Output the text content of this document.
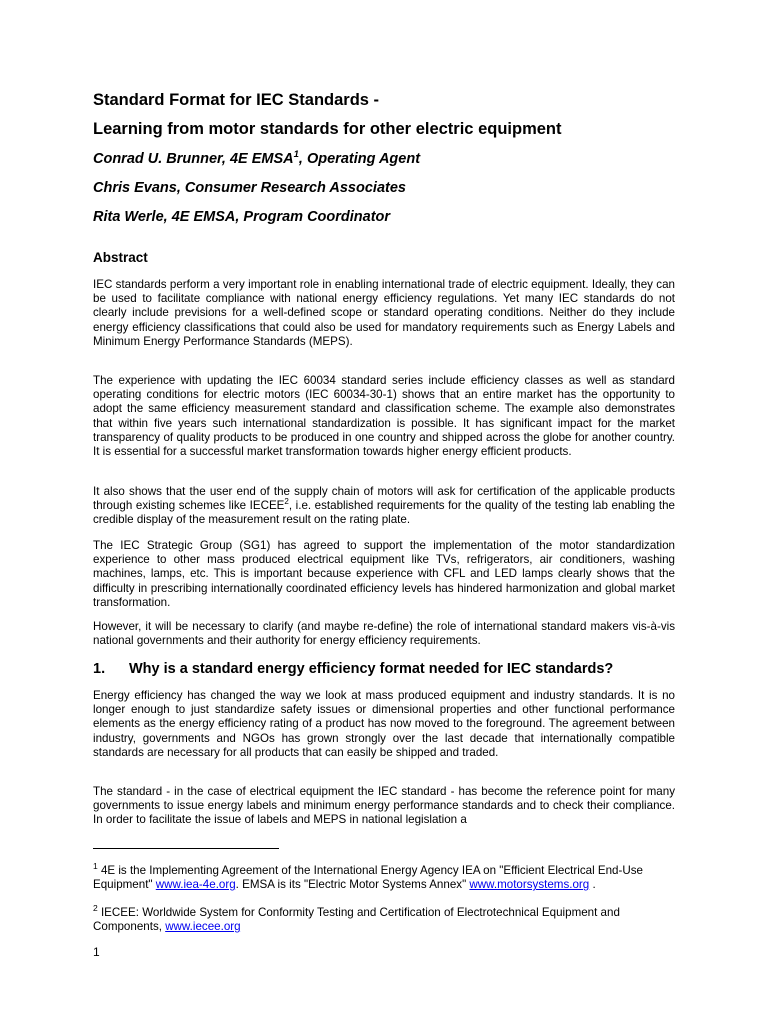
Standard Format for IEC Standards -

Learning from motor standards for other electric equipment

Conrad U. Brunner, 4E EMSA$^1$, Operating Agent

Chris Evans, Consumer Research Associates

Rita Werle, 4E EMSA, Program Coordinator

Abstract

IEC standards perform a very important role in enabling international trade of electric equipment. Ideally, they can be used to facilitate compliance with national energy efficiency regulations. Yet many IEC standards do not clearly include previsions for a well-defined scope or standard operating conditions. Neither do they include energy efficiency classifications that could also be used for mandatory requirements such as Energy Labels and Minimum Energy Performance Standards (MEPS).

The experience with updating the IEC 60034 standard series include efficiency classes as well as standard operating conditions for electric motors (IEC 60034-30-1) shows that an entire market has the opportunity to adopt the same efficiency measurement standard and classification scheme. The example also demonstrates that within five years such international standardization is possible. It has significant impact for the market transparency of quality products to be produced in one country and shipped across the globe for another country. It is essential for a successful market transformation towards higher energy efficient products.

It also shows that the user end of the supply chain of motors will ask for certification of the applicable products through existing schemes like IECEE$^2$, i.e. established requirements for the quality of the testing lab enabling the credible display of the measurement result on the rating plate.

The IEC Strategic Group (SG1) has agreed to support the implementation of the motor standardization experience to other mass produced electrical equipment like TVs, refrigerators, air conditioners, washing machines, lamps, etc. This is important because experience with CFL and LED lamps clearly shows that the difficulty in prescribing internationally coordinated efficiency levels has hindered harmonization and global market transformation.

However, it will be necessary to clarify (and maybe re-define) the role of international standard makers vis-à-vis national governments and their authority for energy efficiency requirements.

1. Why is a standard energy efficiency format needed for IEC standards?

Energy efficiency has changed the way we look at mass produced equipment and industry standards. It is no longer enough to just standardize safety issues or dimensional properties and other functional performance elements as the energy efficiency rating of a product has now moved to the foreground. The agreement between industry, governments and NGOs has grown strongly over the last decade that internationally compatible standards are necessary for all products that can easily be shipped and traded.

The standard - in the case of electrical equipment the IEC standard - has become the reference point for many governments to issue energy labels and minimum energy performance standards and to check their compliance. In order to facilitate the issue of labels and MEPS in national legislation a

$^1$ 4E is the Implementing Agreement of the International Energy Agency IEA on "Efficient Electrical End-Use Equipment" www.iea-4e.org. EMSA is its "Electric Motor Systems Annex" www.motorsystems.org .

$^2$ IECEE: Worldwide System for Conformity Testing and Certification of Electrotechnical Equipment and Components, www.iecee.org

1
